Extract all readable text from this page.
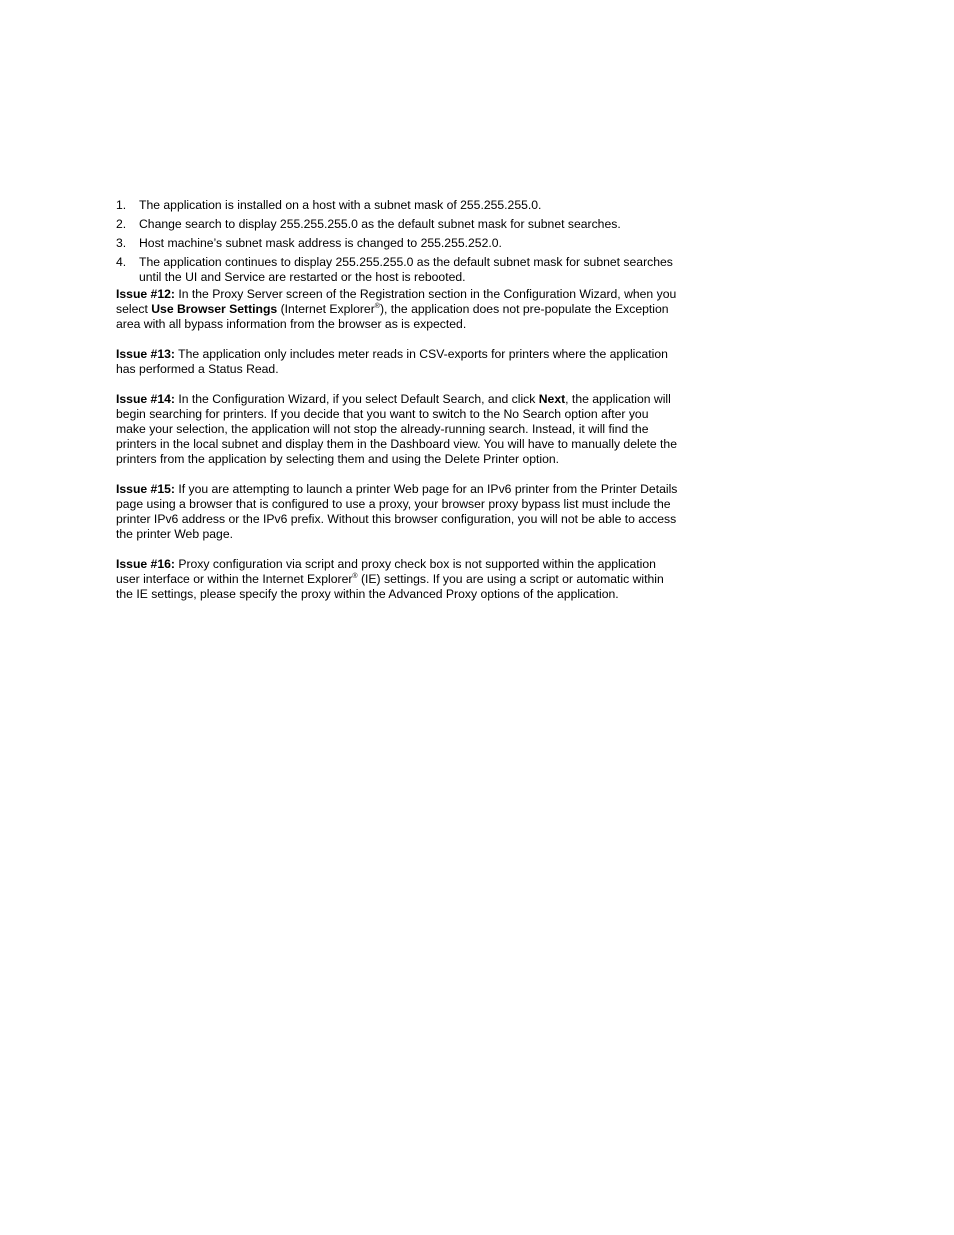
1. The application is installed on a host with a subnet mask of 255.255.255.0.
2. Change search to display 255.255.255.0 as the default subnet mask for subnet searches.
3. Host machine’s subnet mask address is changed to 255.255.252.0.
4. The application continues to display 255.255.255.0 as the default subnet mask for subnet searches until the UI and Service are restarted or the host is rebooted.

Issue #12: In the Proxy Server screen of the Registration section in the Configuration Wizard, when you select Use Browser Settings (Internet Explorer®), the application does not pre-populate the Exception area with all bypass information from the browser as is expected.

Issue #13: The application only includes meter reads in CSV-exports for printers where the application has performed a Status Read.

Issue #14: In the Configuration Wizard, if you select Default Search, and click Next, the application will begin searching for printers. If you decide that you want to switch to the No Search option after you make your selection, the application will not stop the already-running search. Instead, it will find the printers in the local subnet and display them in the Dashboard view. You will have to manually delete the printers from the application by selecting them and using the Delete Printer option.

Issue #15: If you are attempting to launch a printer Web page for an IPv6 printer from the Printer Details page using a browser that is configured to use a proxy, your browser proxy bypass list must include the printer IPv6 address or the IPv6 prefix. Without this browser configuration, you will not be able to access the printer Web page.

Issue #16: Proxy configuration via script and proxy check box is not supported within the application user interface or within the Internet Explorer® (IE) settings. If you are using a script or automatic within the IE settings, please specify the proxy within the Advanced Proxy options of the application.
